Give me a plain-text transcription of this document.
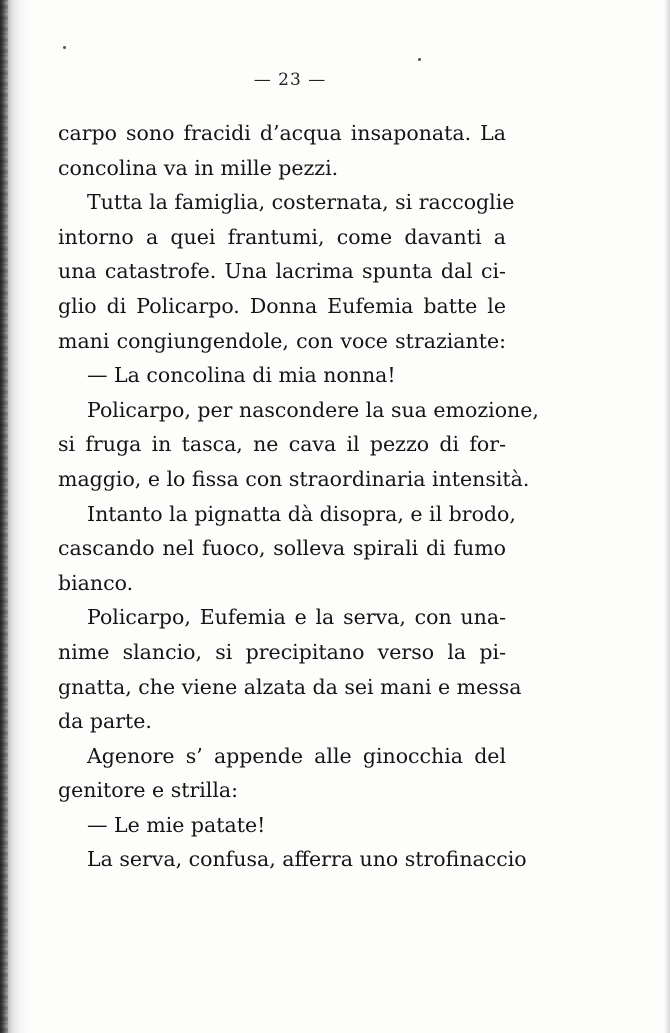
— 23 —
carpo sono fracidi d’acqua insaponata. La
concolina va in mille pezzi.
Tutta la famiglia, costernata, si raccoglie
intorno a quei frantumi, come davanti a
una catastrofe. Una lacrima spunta dal ci-
glio di Policarpo. Donna Eufemia batte le
mani congiungendole, con voce straziante:
— La concolina di mia nonna!
Policarpo, per nascondere la sua emozione,
si fruga in tasca, ne cava il pezzo di for-
maggio, e lo fissa con straordinaria intensità.
Intanto la pignatta dà disopra, e il brodo,
cascando nel fuoco, solleva spirali di fumo
bianco.
Policarpo, Eufemia e la serva, con una-
nime slancio, si precipitano verso la pi-
gnatta, che viene alzata da sei mani e messa
da parte.
Agenore s’ appende alle ginocchia del
genitore e strilla:
— Le mie patate!
La serva, confusa, afferra uno strofinaccio
